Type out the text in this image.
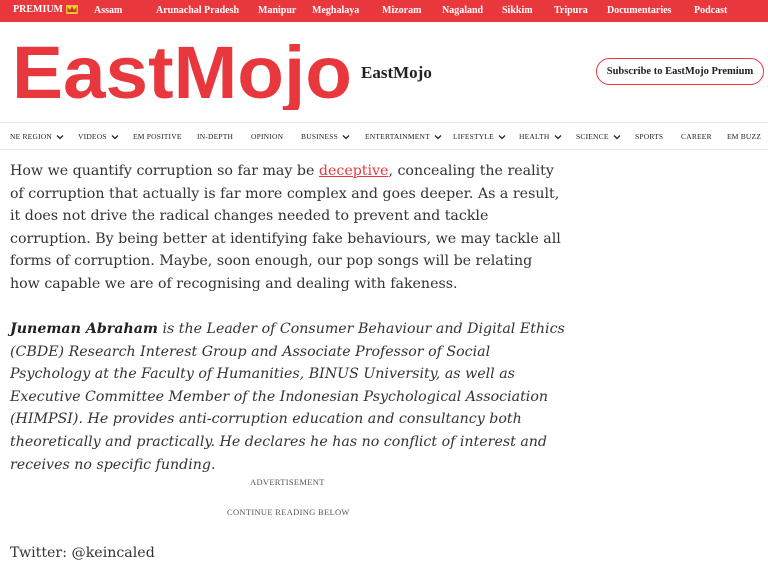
PREMIUM	Assam	Arunachal Pradesh Manipur Meghalaya Mizoram Nagaland Sikkim Tripura Documentaries Podcast
EastMojo EastMojo	Subscribe to EastMojo Premium
NE REGION	VIDEOS	EM POSITIVE IN-DEPTH OPINION BUSINESS	ENTERTAINMENT	LIFESTYLE	HEALTH	SCIENCE	SPORTS CAREER EM BUZZ

How we quantify corruption so far may be deceptive, concealing the reality of corruption that actually is far more complex and goes deeper. As a result, it does not drive the radical changes needed to prevent and tackle corruption. By being better at identifying fake behaviours, we may tackle all forms of corruption. Maybe, soon enough, our pop songs will be relating how capable we are of recognising and dealing with fakeness.

Juneman Abraham is the Leader of Consumer Behaviour and Digital Ethics (CBDE) Research Interest Group and Associate Professor of Social Psychology at the Faculty of Humanities, BINUS University, as well as Executive Committee Member of the Indonesian Psychological Association (HIMPSI). He provides anti-corruption education and consultancy both theoretically and practically. He declares he has no conflict of interest and receives no specific funding.

ADVERTISEMENT
CONTINUE READING BELOW
Twitter: @keincaled
